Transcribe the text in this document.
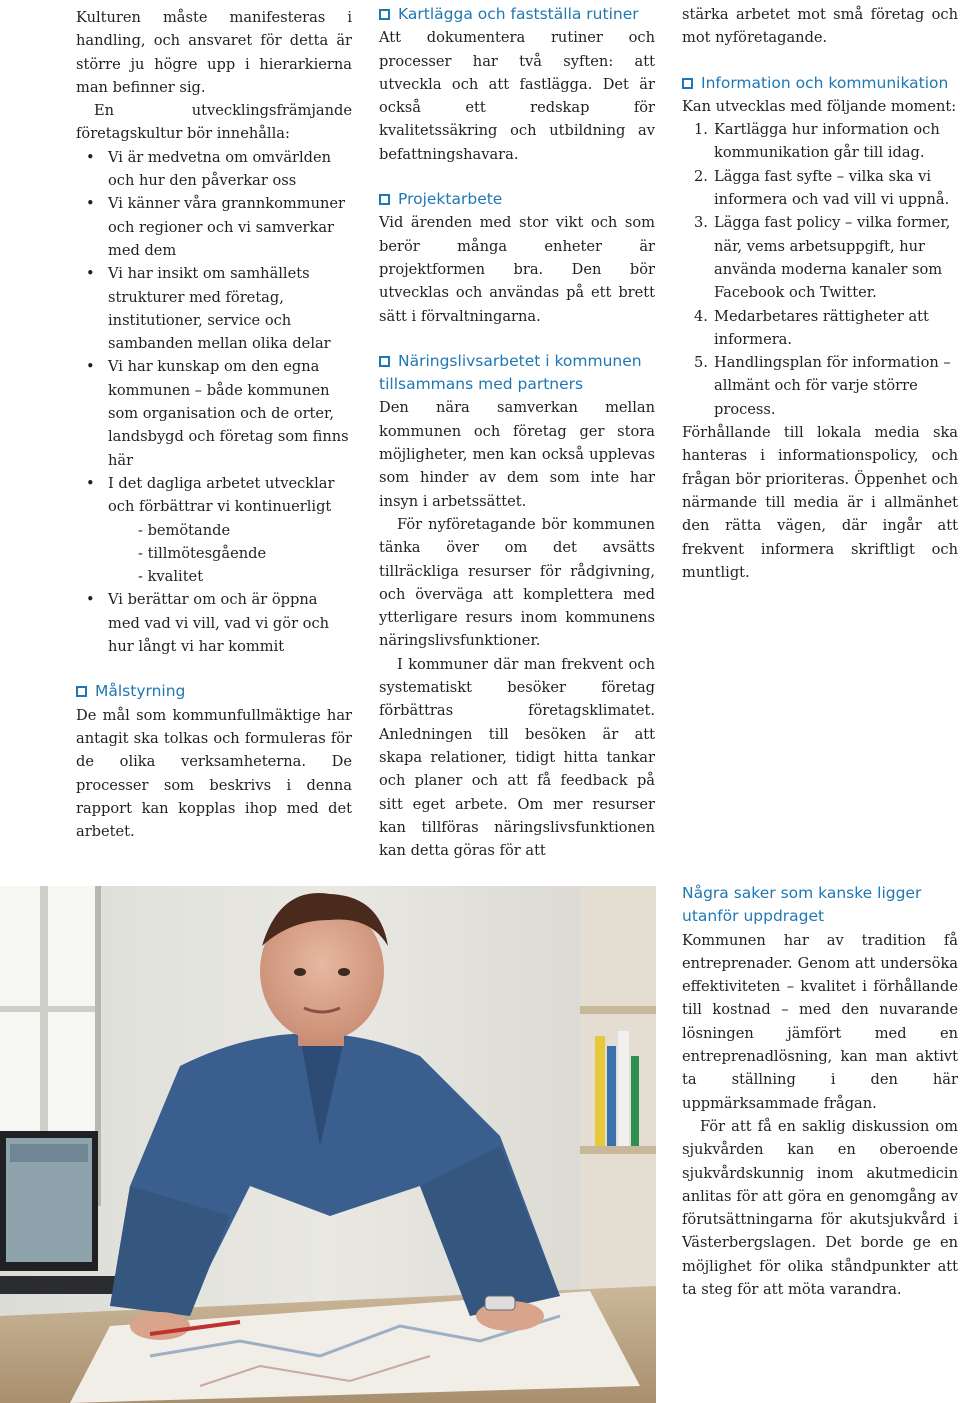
Kulturen måste manifesteras i handling, och ansvaret för detta är större ju högre upp i hierarkierna man befinner sig.

En utvecklingsfrämjande företagskultur bör innehålla:

• Vi är medvetna om omvärlden och hur den påverkar oss
• Vi känner våra grannkommuner och regioner och vi samverkar med dem
• Vi har insikt om samhällets strukturer med företag, institutioner, service och sambanden mellan olika delar
• Vi har kunskap om den egna kommunen – både kommunen som organisation och de orter, landsbygd och företag som finns här
• I det dagliga arbetet utvecklar och förbättrar vi kontinuerligt
- bemötande
- tillmötesgående
- kvalitet
• Vi berättar om och är öppna med vad vi vill, vad vi gör och hur långt vi har kommit
Målstyrning

De mål som kommunfullmäktige har antagit ska tolkas och formuleras för de olika verksamheterna. De processer som beskrivs i denna rapport kan kopplas ihop med det arbetet.

Kartlägga och fastställa rutiner

Att dokumentera rutiner och processer har två syften: att utveckla och att fastlägga. Det är också ett redskap för kvalitetssäkring och utbildning av befattningshavara.

Projektarbete

Vid ärenden med stor vikt och som berör många enheter är projektformen bra. Den bör utvecklas och användas på ett brett sätt i förvaltningarna.

Näringslivsarbetet i kommunen tillsammans med partners

Den nära samverkan mellan kommunen och företag ger stora möjligheter, men kan också upplevas som hinder av dem som inte har insyn i arbetssättet.

För nyföretagande bör kommunen tänka över om det avsätts tillräckliga resurser för rådgivning, och överväga att komplettera med ytterligare resurs inom kommunens näringslivsfunktioner.

I kommuner där man frekvent och systematiskt besöker företag förbättras företagsklimatet. Anledningen till besöken är att skapa relationer, tidigt hitta tankar och planer och att få feedback på sitt eget arbete. Om mer resurser kan tillföras näringslivsfunktionen kan detta göras för att

stärka arbetet mot små företag och mot nyföretagande.

Information och kommunikation

Kan utvecklas med följande moment:

1. Kartlägga hur information och kommunikation går till idag.
2. Lägga fast syfte – vilka ska vi informera och vad vill vi uppnå.
3. Lägga fast policy – vilka former, när, vems arbetsuppgift, hur använda moderna kanaler som Facebook och Twitter.
4. Medarbetares rättigheter att informera.
5. Handlingsplan för information – allmänt och för varje större process.

Förhållande till lokala media ska hanteras i informationspolicy, och frågan bör prioriteras. Öppenhet och närmande till media är i allmänhet den rätta vägen, där ingår att frekvent informera skriftligt och muntligt.

Några saker som kanske ligger utanför uppdraget

Kommunen har av tradition få entreprenader. Genom att undersöka effektiviteten – kvalitet i förhållande till kostnad – med den nuvarande lösningen jämfört med en entreprenadlösning, kan man aktivt ta ställning i den här uppmärksammade frågan.

För att få en saklig diskussion om sjukvården kan en oberoende sjukvårdskunnig inom akutmedicin anlitas för att göra en genomgång av förutsättningarna för akutsjukvård i Västerbergslagen. Det borde ge en möjlighet för olika ståndpunkter att ta steg för att möta varandra.
